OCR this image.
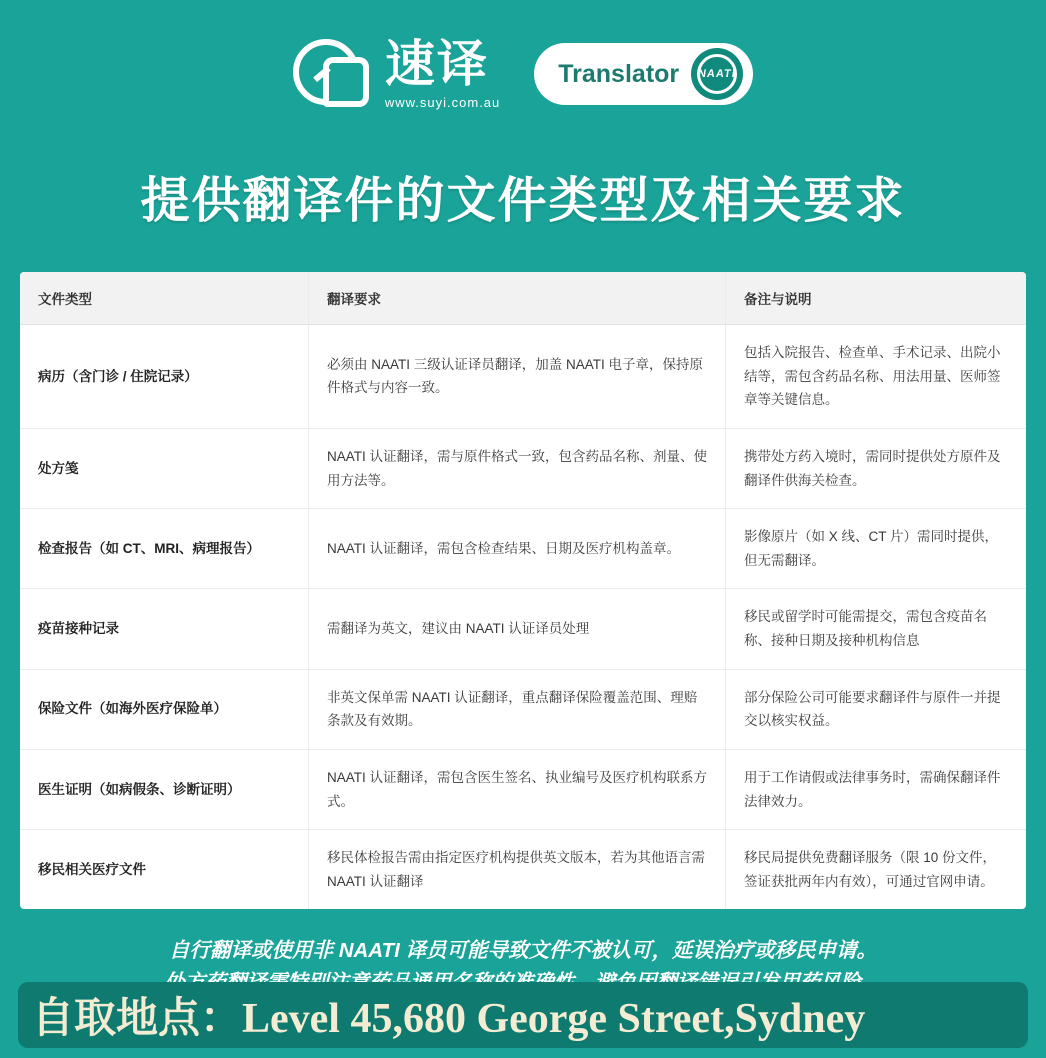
速译
www.suyi.com.au
Translator NAATI
提供翻译件的文件类型及相关要求
文件类型	翻译要求	备注与说明
病历（含门诊 / 住院记录）	必须由 NAATI 三级认证译员翻译，加盖 NAATI 电子章，保持原件格式与内容一致。	包括入院报告、检查单、手术记录、出院小结等，需包含药品名称、用法用量、医师签章等关键信息。
处方笺	NAATI 认证翻译，需与原件格式一致，包含药品名称、剂量、使用方法等。	携带处方药入境时，需同时提供处方原件及翻译件供海关检查。
检查报告（如 CT、MRI、病理报告）	NAATI 认证翻译，需包含检查结果、日期及医疗机构盖章。	影像原片（如 X 线、CT 片）需同时提供，但无需翻译。
疫苗接种记录	需翻译为英文，建议由 NAATI 认证译员处理	移民或留学时可能需提交，需包含疫苗名称、接种日期及接种机构信息
保险文件（如海外医疗保险单）	非英文保单需 NAATI 认证翻译，重点翻译保险覆盖范围、理赔条款及有效期。	部分保险公司可能要求翻译件与原件一并提交以核实权益。
医生证明（如病假条、诊断证明）	NAATI 认证翻译，需包含医生签名、执业编号及医疗机构联系方式。	用于工作请假或法律事务时，需确保翻译件法律效力。
移民相关医疗文件	移民体检报告需由指定医疗机构提供英文版本，若为其他语言需 NAATI 认证翻译	移民局提供免费翻译服务（限 10 份文件，签证获批两年内有效），可通过官网申请。
自行翻译或使用非 NAATI 译员可能导致文件不被认可，延误治疗或移民申请。
自取地点：Level 45,680 George Street,Sydney
